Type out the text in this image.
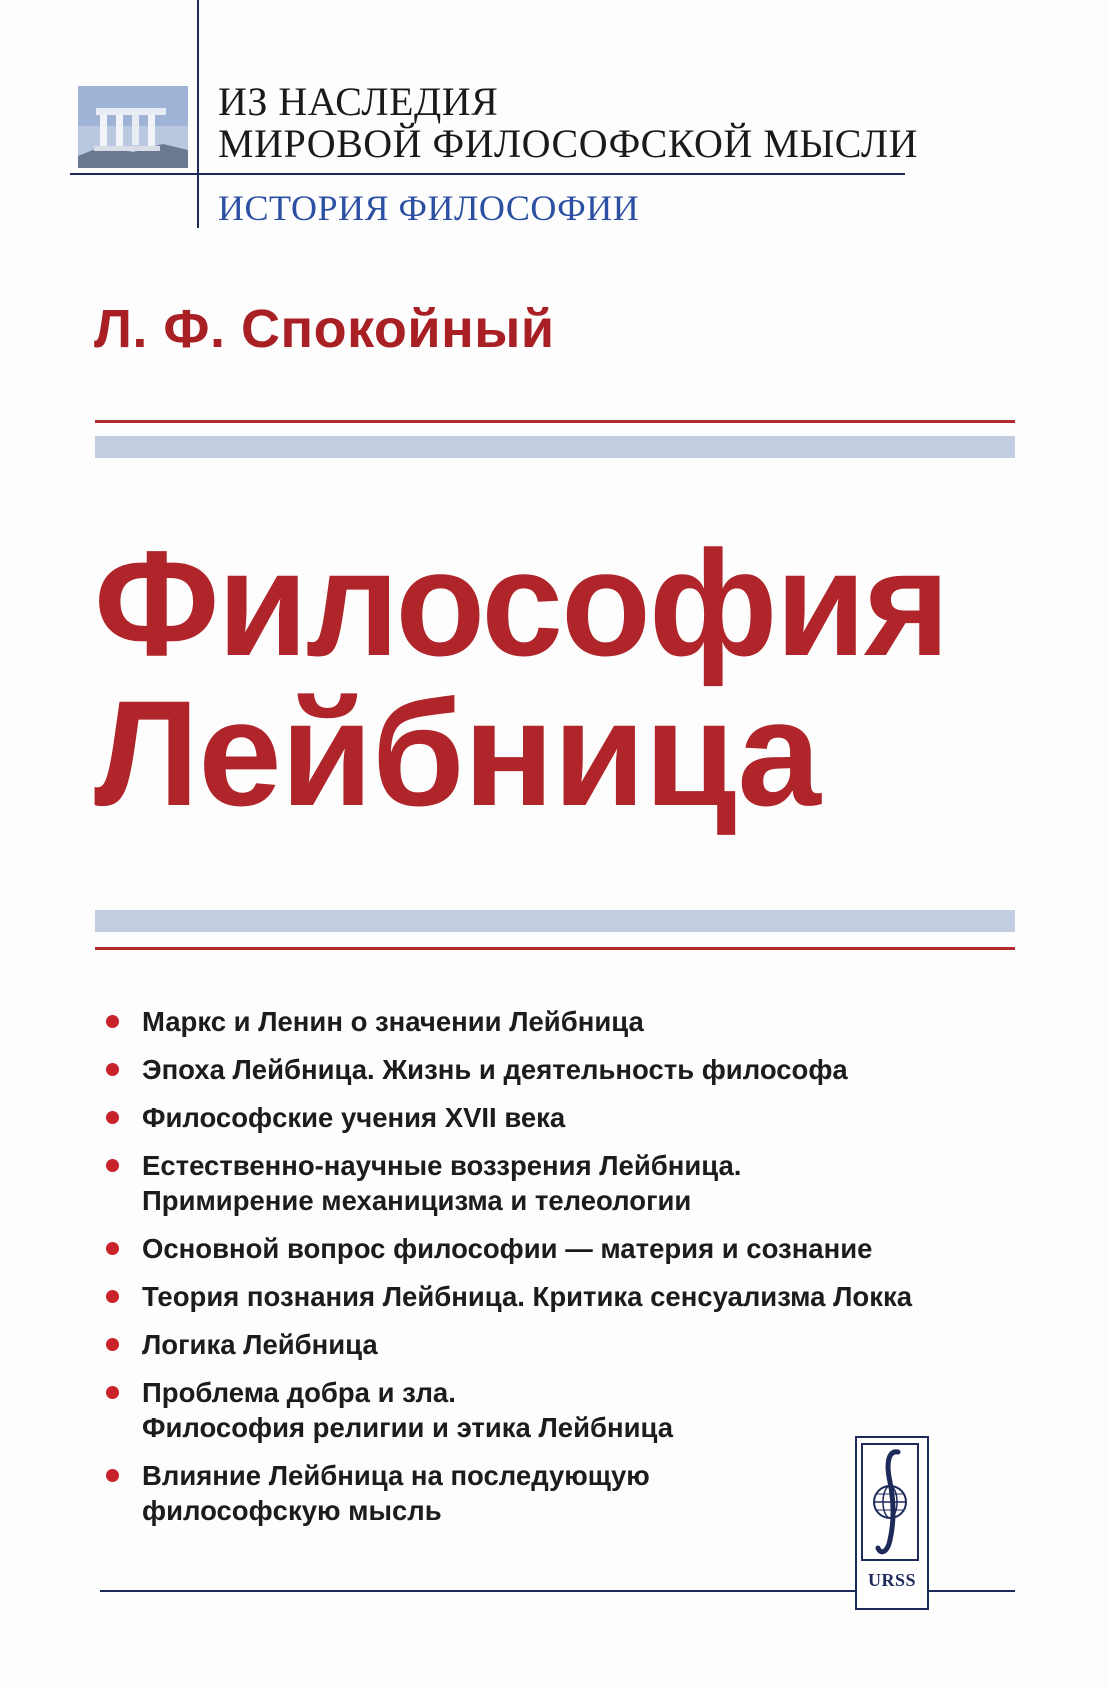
ИЗ НАСЛЕДИЯ
МИРОВОЙ ФИЛОСОФСКОЙ МЫСЛИ
ИСТОРИЯ ФИЛОСОФИИ
Л. Ф. Спокойный
Философия
Лейбница
Маркс и Ленин о значении Лейбница
Эпоха Лейбница. Жизнь и деятельность философа
Философские учения XVII века
Естественно-научные воззрения Лейбница.
Примирение механицизма и телеологии
Основной вопрос философии — материя и сознание
Теория познания Лейбница. Критика сенсуализма Локка
Логика Лейбница
Проблема добра и зла.
Философия религии и этика Лейбница
Влияние Лейбница на последующую
философскую мысль
URSS
